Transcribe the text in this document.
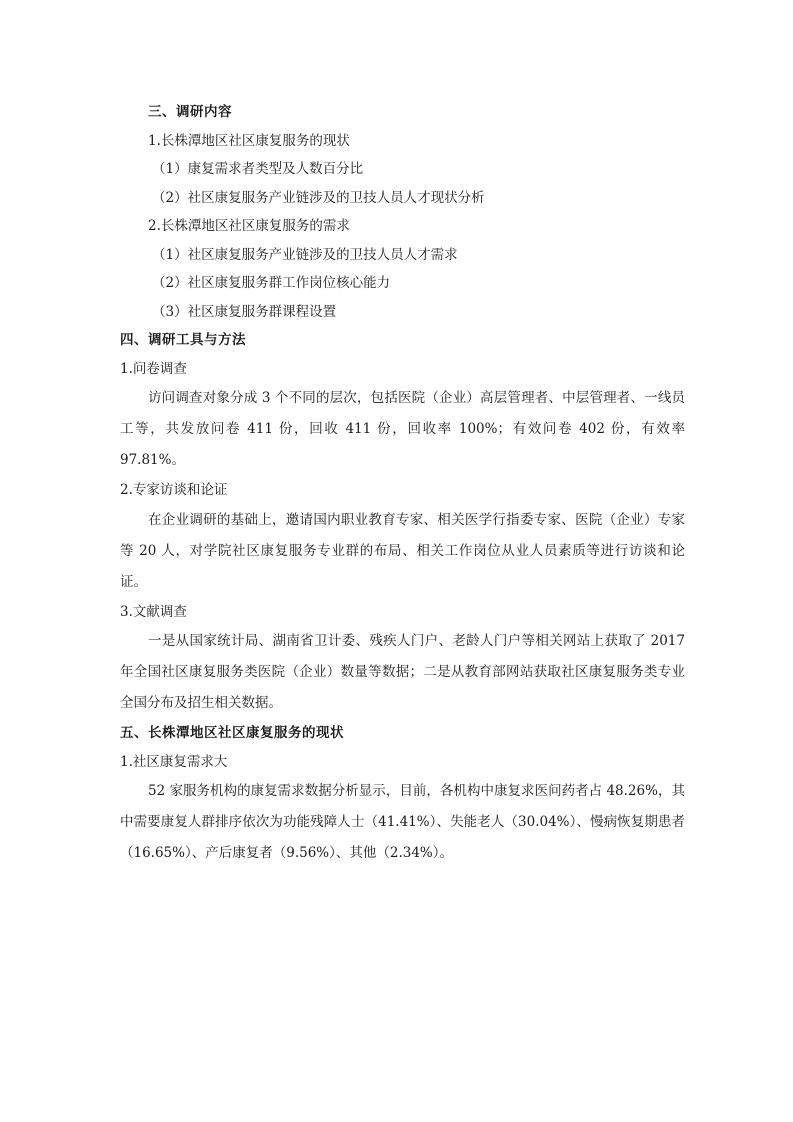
三、调研内容
1.长株潭地区社区康复服务的现状
（1）康复需求者类型及人数百分比
（2）社区康复服务产业链涉及的卫技人员人才现状分析
2.长株潭地区社区康复服务的需求
（1）社区康复服务产业链涉及的卫技人员人才需求
（2）社区康复服务群工作岗位核心能力
（3）社区康复服务群课程设置
四、调研工具与方法
1.问卷调查
访问调查对象分成 3 个不同的层次，包括医院（企业）高层管理者、中层管理者、一线员工等，共发放问卷 411 份，回收 411 份，回收率 100%；有效问卷 402 份，有效率 97.81%。
2.专家访谈和论证
在企业调研的基础上，邀请国内职业教育专家、相关医学行指委专家、医院（企业）专家等 20 人，对学院社区康复服务专业群的布局、相关工作岗位从业人员素质等进行访谈和论证。
3.文献调查
一是从国家统计局、湖南省卫计委、残疾人门户、老龄人门户等相关网站上获取了 2017 年全国社区康复服务类医院（企业）数量等数据；二是从教育部网站获取社区康复服务类专业全国分布及招生相关数据。
五、长株潭地区社区康复服务的现状
1.社区康复需求大
52 家服务机构的康复需求数据分析显示，目前，各机构中康复求医问药者占 48.26%，其中需要康复人群排序依次为功能残障人士（41.41%）、失能老人（30.04%）、慢病恢复期患者（16.65%）、产后康复者（9.56%）、其他（2.34%）。
